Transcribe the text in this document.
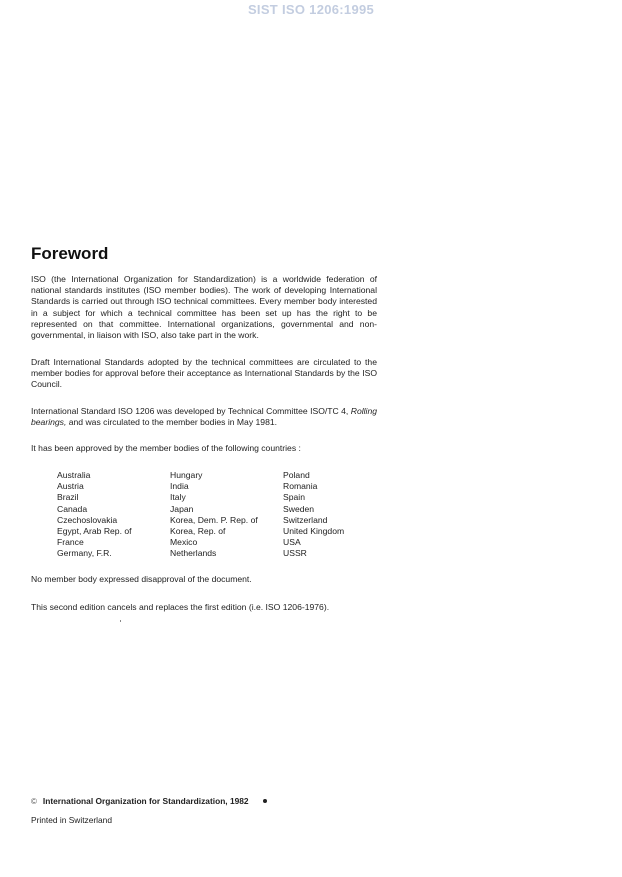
SIST ISO 1206:1995
Foreword

ISO (the International Organization for Standardization) is a worldwide federation of national standards institutes (ISO member bodies). The work of developing International Standards is carried out through ISO technical committees. Every member body interested in a subject for which a technical committee has been set up has the right to be represented on that committee. International organizations, governmental and non-governmental, in liaison with ISO, also take part in the work.

Draft International Standards adopted by the technical committees are circulated to the member bodies for approval before their acceptance as International Standards by the ISO Council.

International Standard ISO 1206 was developed by Technical Committee ISO/TC 4, Rolling bearings, and was circulated to the member bodies in May 1981.

It has been approved by the member bodies of the following countries :

Australia	Hungary	Poland
Austria	India	Romania
Brazil	Italy	Spain
Canada	Japan	Sweden
Czechoslovakia	Korea, Dem. P. Rep. of	Switzerland
Egypt, Arab Rep. of	Korea, Rep. of	United Kingdom
France	Mexico	USA
Germany, F.R.	Netherlands	USSR

No member body expressed disapproval of the document.

This second edition cancels and replaces the first edition (i.e. ISO 1206-1976).

© International Organization for Standardization, 1982
Printed in Switzerland
